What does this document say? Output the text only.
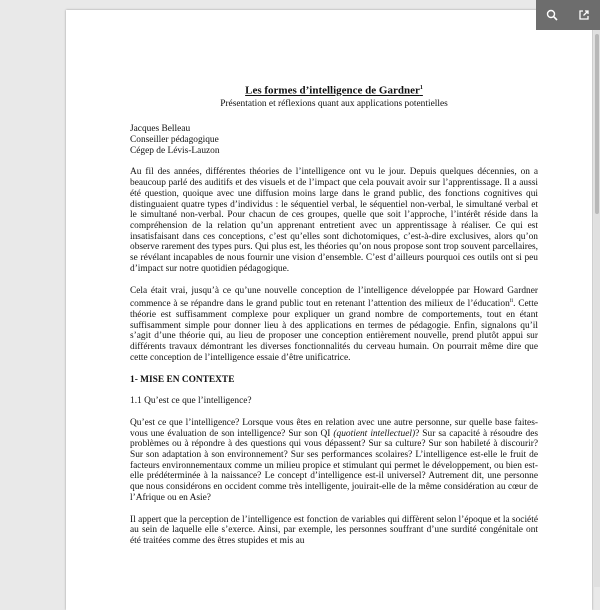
Les formes d’intelligence de Gardner$^1$
Présentation et réflexions quant aux applications potentielles
Jacques Belleau
Conseiller pédagogique
Cégep de Lévis-Lauzon

Au fil des années, différentes théories de l’intelligence ont vu le jour. Depuis quelques décennies, on a beaucoup parlé des auditifs et des visuels et de l’impact que cela pouvait avoir sur l’apprentissage. Il a aussi été question, quoique avec une diffusion moins large dans le grand public, des fonctions cognitives qui distinguaient quatre types d’individus : le séquentiel verbal, le séquentiel non-verbal, le simultané verbal et le simultané non-verbal. Pour chacun de ces groupes, quelle que soit l’approche, l’intérêt réside dans la compréhension de la relation qu’un apprenant entretient avec un apprentissage à réaliser. Ce qui est insatisfaisant dans ces conceptions, c’est qu’elles sont dichotomiques, c’est-à-dire exclusives, alors qu’on observe rarement des types purs. Qui plus est, les théories qu’on nous propose sont trop souvent parcellaires, se révélant incapables de nous fournir une vision d’ensemble. C’est d’ailleurs pourquoi ces outils ont si peu d’impact sur notre quotidien pédagogique.

Cela était vrai, jusqu’à ce qu’une nouvelle conception de l’intelligence développée par Howard Gardner commence à se répandre dans le grand public tout en retenant l’attention des milieux de l’éducation$^{ii}$. Cette théorie est suffisamment complexe pour expliquer un grand nombre de comportements, tout en étant suffisamment simple pour donner lieu à des applications en termes de pédagogie. Enfin, signalons qu’il s’agit d’une théorie qui, au lieu de proposer une conception entièrement nouvelle, prend plutôt appui sur différents travaux démontrant les diverses fonctionnalités du cerveau humain. On pourrait même dire que cette conception de l’intelligence essaie d’être unificatrice.

1- MISE EN CONTEXTE
1.1 Qu’est ce que l’intelligence?

Qu’est ce que l’intelligence? Lorsque vous êtes en relation avec une autre personne, sur quelle base faites-vous une évaluation de son intelligence? Sur son QI (quotient intellectuel)? Sur sa capacité à résoudre des problèmes ou à répondre à des questions qui vous dépassent? Sur sa culture? Sur son habileté à discourir? Sur son adaptation à son environnement? Sur ses performances scolaires? L’intelligence est-elle le fruit de facteurs environnementaux comme un milieu propice et stimulant qui permet le développement, ou bien est-elle prédéterminée à la naissance? Le concept d’intelligence est-il universel? Autrement dit, une personne que nous considérons en occident comme très intelligente, jouirait-elle de la même considération au cœur de l’Afrique ou en Asie?

Il appert que la perception de l’intelligence est fonction de variables qui diffèrent selon l’époque et la société au sein de laquelle elle s’exerce. Ainsi, par exemple, les personnes souffrant d’une surdité congénitale ont été traitées comme des êtres stupides et mis au
